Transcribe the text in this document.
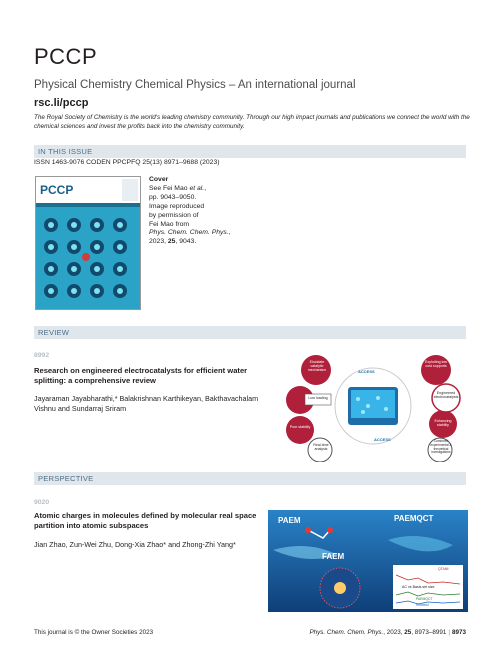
PCCP
Physical Chemistry Chemical Physics – An international journal
rsc.li/pccp
The Royal Society of Chemistry is the world's leading chemistry community. Through our high impact journals and publications we connect the world with the chemical sciences and invest the profits back into the chemistry community.
IN THIS ISSUE
ISSN 1463-9076 CODEN PPCPFQ 25(13) 8971–9688 (2023)
PCCP
Cover
See Fei Mao et al.,
pp. 9043–9050.
Image reproduced
by permission of
Fei Mao from
Phys. Chem. Chem. Phys.,
2023, 25, 9043.
REVIEW
8992
Research on engineered electrocatalysts for efficient water splitting: a comprehensive review
Jayaraman Jayabharathi,* Balakrishnan Karthikeyan, Bakthavachalam Vishnu and Sundarraj Sriram
Elucidate catalytic mechanism
Low loading
Poor stability
Real-time analysis
Exploiting low cost supports
Engineered electrocatalysts
Enhancing stability
Combined experimental & theoretical investigations
ACCESS
ACCESS
PERSPECTIVE
9020
Atomic charges in molecules defined by molecular real space partition into atomic subspaces
Jian Zhao, Zun-Wei Zhu, Dong-Xia Zhao* and Zhong-Zhi Yang*
PAEM	PAEMQCT
FAEM
QTAIM
AC vs Basis set size
PAEMQCT
Hirshfeld
This journal is © the Owner Societies 2023	Phys. Chem. Chem. Phys., 2023, 25, 8973–8991 | 8973
